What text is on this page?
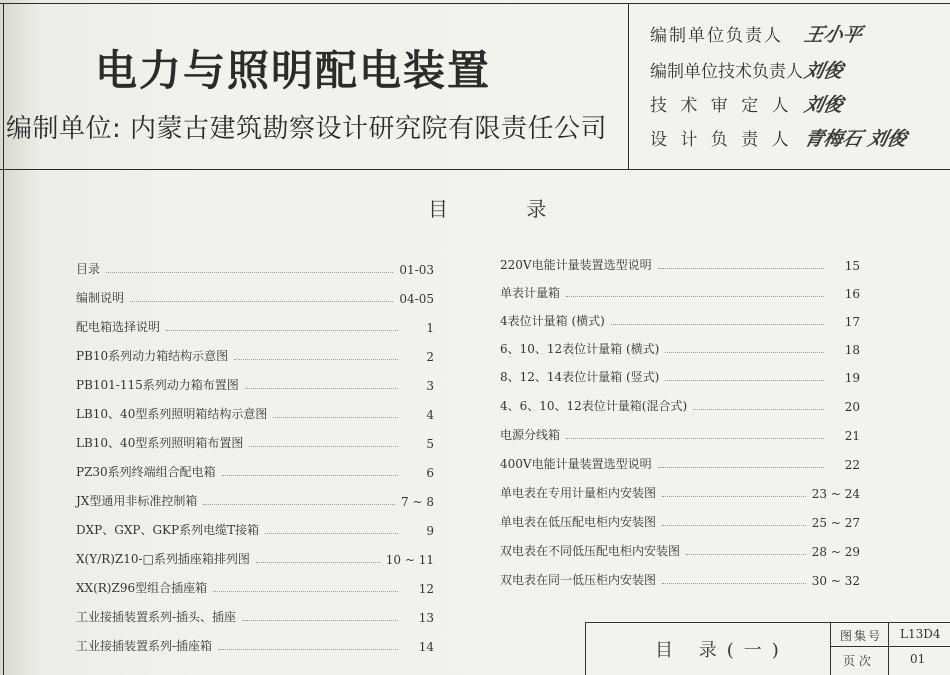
电力与照明配电装置
编制单位: 内蒙古建筑勘察设计研究院有限责任公司
编制单位负责人 王小平
编制单位技术负责人 刘俊
技 术 审 定 人 刘俊
设 计 负 责 人 青梅石 刘俊
目 录
目录	01-03
编制说明	04-05
配电箱选择说明	1
PB10系列动力箱结构示意图	2
PB101-115系列动力箱布置图	3
LB10、40型系列照明箱结构示意图	4
LB10、40型系列照明箱布置图	5
PZ30系列终端组合配电箱	6
JX型通用非标准控制箱	7 ~ 8
DXP、GXP、GKP系列电缆T接箱	9
X(Y/R)Z10-□系列插座箱排列图	10 ~ 11
XX(R)Z96型组合插座箱	12
工业接插装置系列-插头、插座	13
工业接插装置系列-插座箱	14
220V电能计量装置选型说明	15
单表计量箱	16
4表位计量箱 (横式)	17
6、10、12表位计量箱 (横式)	18
8、12、14表位计量箱 (竖式)	19
4、6、10、12表位计量箱(混合式)	20
电源分线箱	21
400V电能计量装置选型说明	22
单电表在专用计量柜内安装图	23 ~ 24
单电表在低压配电柜内安装图	25 ~ 27
双电表在不同低压配电柜内安装图	28 ~ 29
双电表在同一低压柜内安装图	30 ~ 32
目 录(一)
图集号 L13D4
页 次	01
